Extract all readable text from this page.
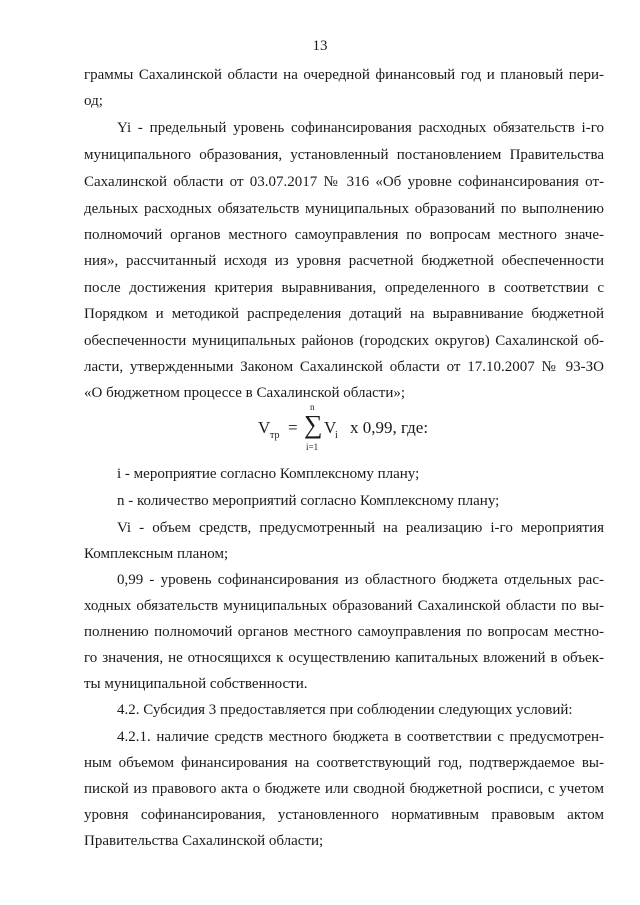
13
граммы Сахалинской области на очередной финансовый год и плановый пери-
од;
Yi - предельный уровень софинансирования расходных обязательств i-го
муниципального образования, установленный постановлением Правительства
Сахалинской области от 03.07.2017 № 316 «Об уровне софинансирования от-
дельных расходных обязательств муниципальных образований по выполнению
полномочий органов местного самоуправления по вопросам местного значе-
ния», рассчитанный исходя из уровня расчетной бюджетной обеспеченности
после достижения критерия выравнивания, определенного в соответствии с
Порядком и методикой распределения дотаций на выравнивание бюджетной
обеспеченности муниципальных районов (городских округов) Сахалинской об-
ласти, утвержденными Законом Сахалинской области от 17.10.2007 № 93-ЗО
«О бюджетном процессе в Сахалинской области»;
V тр =
n
∑
i=1
V
i x 0,99, где:
i - мероприятие согласно Комплексному плану;
n - количество мероприятий согласно Комплексному плану;
Vi - объем средств, предусмотренный на реализацию i-го мероприятия
Комплексным планом;
0,99 - уровень софинансирования из областного бюджета отдельных рас-
ходных обязательств муниципальных образований Сахалинской области по вы-
полнению полномочий органов местного самоуправления по вопросам местно-
го значения, не относящихся к осуществлению капитальных вложений в объек-
ты муниципальной собственности.
4.2. Субсидия 3 предоставляется при соблюдении следующих условий:
4.2.1. наличие средств местного бюджета в соответствии с предусмотрен-
ным объемом финансирования на соответствующий год, подтверждаемое вы-
пиской из правового акта о бюджете или сводной бюджетной росписи, с учетом
уровня софинансирования, установленного нормативным правовым актом
Правительства Сахалинской области;
